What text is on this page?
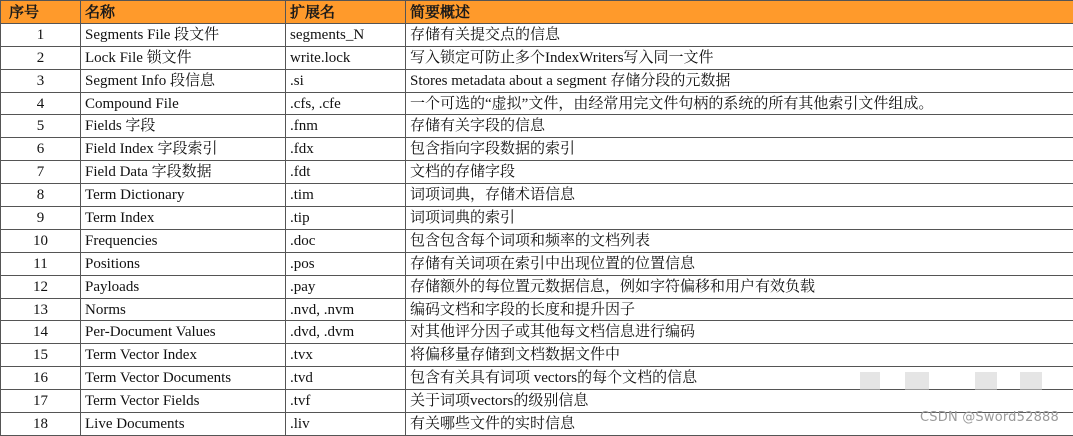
序号	名称	扩展名	简要概述
1	Segments File 段文件	segments_N	存储有关提交点的信息
2	Lock File 锁文件	write.lock	写入锁定可防止多个IndexWriters写入同一文件
3	Segment Info 段信息	.si	Stores metadata about a segment 存储分段的元数据
4	Compound File	.cfs, .cfe	一个可选的“虚拟”文件，由经常用完文件句柄的系统的所有其他索引文件组成。
5	Fields 字段	.fnm	存储有关字段的信息
6	Field Index 字段索引	.fdx	包含指向字段数据的索引
7	Field Data 字段数据	.fdt	文档的存储字段
8	Term Dictionary	.tim	词项词典，存储术语信息
9	Term Index	.tip	词项词典的索引
10	Frequencies	.doc	包含包含每个词项和频率的文档列表
11	Positions	.pos	存储有关词项在索引中出现位置的位置信息
12	Payloads	.pay	存储额外的每位置元数据信息，例如字符偏移和用户有效负载
13	Norms	.nvd, .nvm	编码文档和字段的长度和提升因子
14	Per-Document Values	.dvd, .dvm	对其他评分因子或其他每文档信息进行编码
15	Term Vector Index	.tvx	将偏移量存储到文档数据文件中
16	Term Vector Documents	.tvd	包含有关具有词项 vectors的每个文档的信息
17	Term Vector Fields	.tvf	关于词项vectors的级别信息
18	Live Documents	.liv	有关哪些文件的实时信息	CSDN @Sword52888
